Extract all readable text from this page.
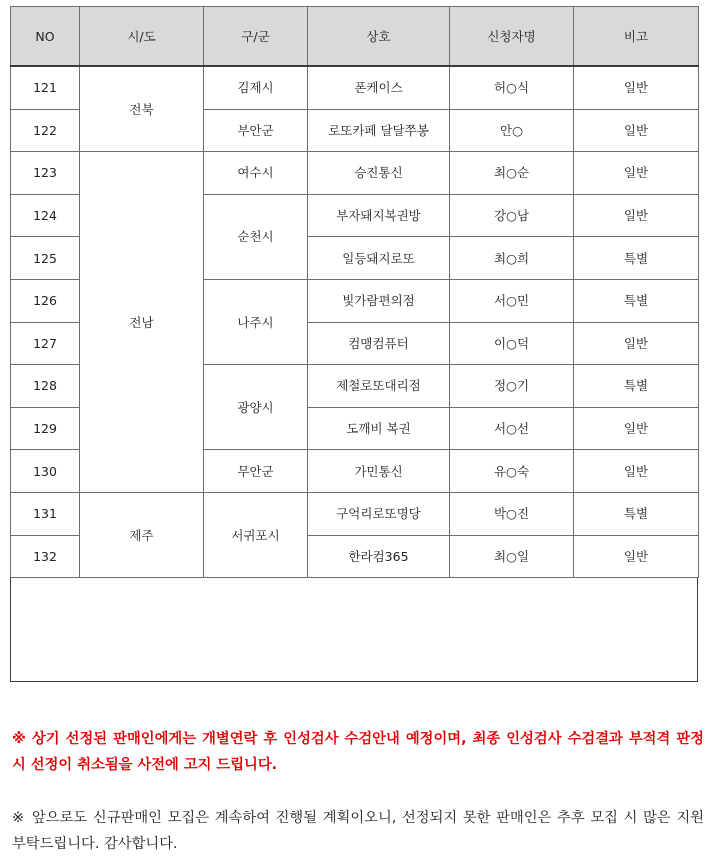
NO	시/도	구/군	상호	신청자명	비고
121	전북	김제시	폰케이스	허○식	일반
122		부안군	로또카페 달달쭈봉	안○	일반
123	전남	여수시	승진통신	최○순	일반
124		순천시	부자돼지복권방	강○남	일반
125			일등돼지로또	최○희	특별
126		나주시	빛가람편의점	서○민	특별
127			컴맹컴퓨터	이○덕	일반
128		광양시	제철로또대리점	정○기	특별
129			도깨비 복권	서○선	일반
130		무안군	가민통신	유○숙	일반
131	제주	서귀포시	구억리로또명당	박○진	특별
132			한라컴365	최○일	일반

※ 상기 선정된 판매인에게는 개별연락 후 인성검사 수검안내 예정이며, 최종 인성검사 수검결과 부적격 판정시 선정이 취소됨을 사전에 고지 드립니다.

※ 앞으로도 신규판매인 모집은 계속하여 진행될 계획이오니, 선정되지 못한 판매인은 추후 모집 시 많은 지원 부탁드립니다. 감사합니다.
